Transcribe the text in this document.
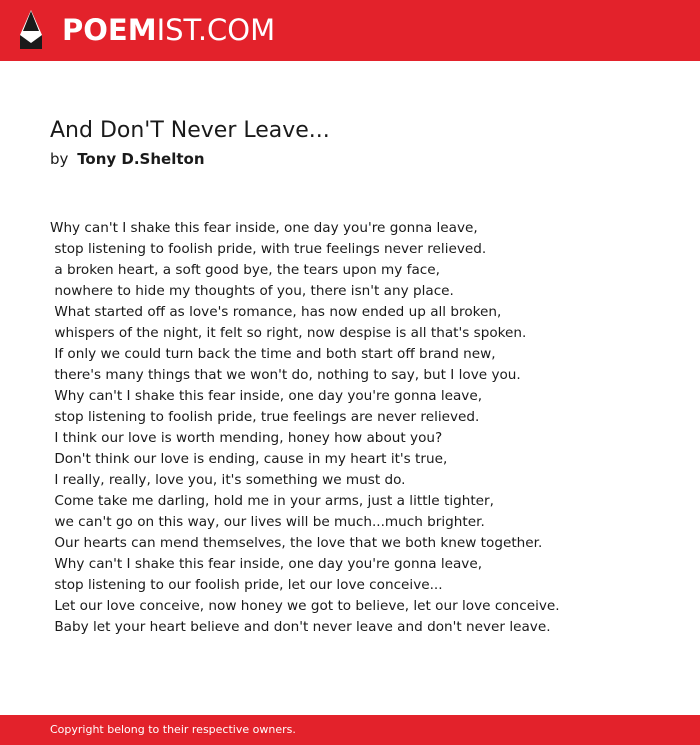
POEMIST.COM
And Don'T Never Leave...
by Tony D.Shelton
Why can't I shake this fear inside, one day you're gonna leave,
stop listening to foolish pride, with true feelings never relieved.
a broken heart, a soft good bye, the tears upon my face,
nowhere to hide my thoughts of you, there isn't any place.
What started off as love's romance, has now ended up all broken,
whispers of the night, it felt so right, now despise is all that's spoken.
If only we could turn back the time and both start off brand new,
there's many things that we won't do, nothing to say, but I love you.
Why can't I shake this fear inside, one day you're gonna leave,
stop listening to foolish pride, true feelings are never relieved.
I think our love is worth mending, honey how about you?
Don't think our love is ending, cause in my heart it's true,
I really, really, love you, it's something we must do.
Come take me darling, hold me in your arms, just a little tighter,
we can't go on this way, our lives will be much...much brighter.
Our hearts can mend themselves, the love that we both knew together.
Why can't I shake this fear inside, one day you're gonna leave,
stop listening to our foolish pride, let our love conceive...
Let our love conceive, now honey we got to believe, let our love conceive.
Baby let your heart believe and don't never leave and don't never leave.
Copyright belong to their respective owners.
